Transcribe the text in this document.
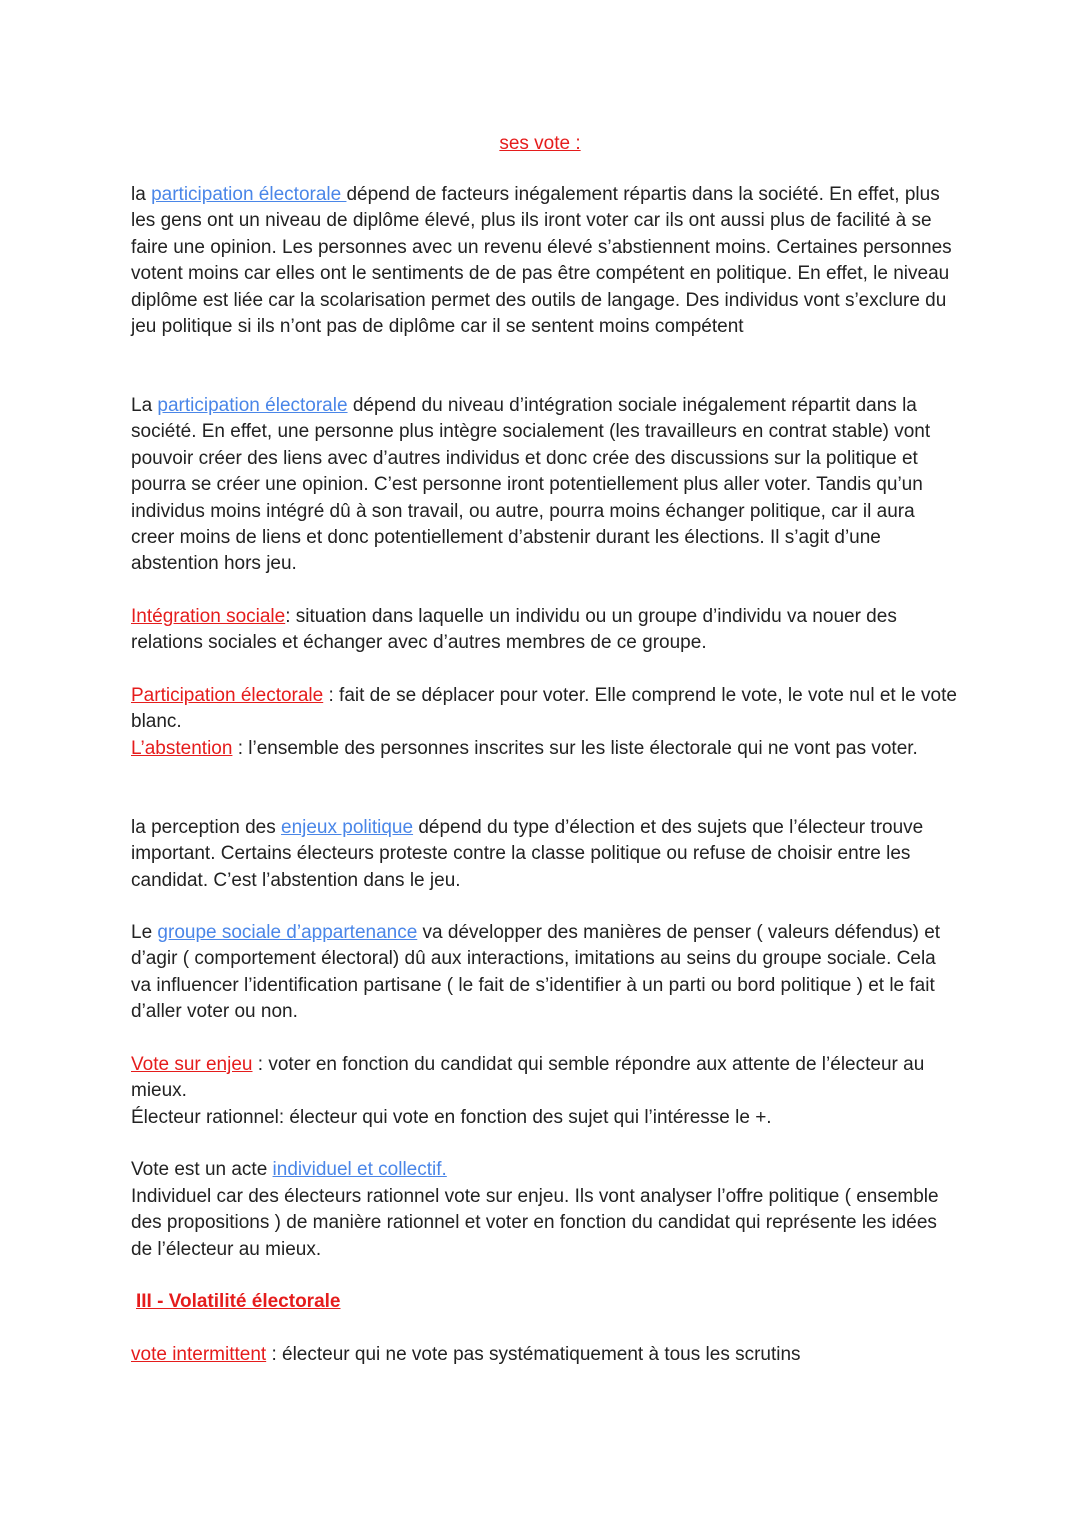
ses vote :
la participation électorale dépend de facteurs inégalement répartis dans la société. En effet, plus les gens ont un niveau de diplôme élevé, plus ils iront voter car ils ont aussi plus de facilité à se faire une opinion. Les personnes avec un revenu élevé s’abstiennent moins. Certaines personnes votent moins car elles ont le sentiments de de pas être compétent en politique. En effet, le niveau diplôme est liée car la scolarisation permet des outils de langage. Des individus vont s’exclure du jeu politique si ils n’ont pas de diplôme car il se sentent moins compétent
La participation électorale dépend du niveau d’intégration sociale inégalement répartit dans la société. En effet, une personne plus intègre socialement (les travailleurs en contrat stable) vont pouvoir créer des liens avec d’autres individus et donc crée des discussions sur la politique et pourra se créer une opinion. C’est personne iront potentiellement plus aller voter. Tandis qu’un individus moins intégré dû à son travail, ou autre, pourra moins échanger politique, car il aura creer moins de liens et donc potentiellement d’abstenir durant les élections. Il s’agit d’une abstention hors jeu.
Intégration sociale: situation dans laquelle un individu ou un groupe d’individu va nouer des relations sociales et échanger avec d’autres membres de ce groupe.
Participation électorale : fait de se déplacer pour voter. Elle comprend le vote, le vote nul et le vote blanc.
L’abstention : l’ensemble des personnes inscrites sur les liste électorale qui ne vont pas voter.
la perception des enjeux politique dépend du type d’élection et des sujets que l’électeur trouve important. Certains électeurs proteste contre la classe politique ou refuse de choisir entre les candidat. C’est l’abstention dans le jeu.
Le groupe sociale d’appartenance va développer des manières de penser ( valeurs défendus) et d’agir ( comportement électoral) dû aux interactions, imitations au seins du groupe sociale. Cela va influencer l’identification partisane ( le fait de s’identifier à un parti ou bord politique ) et le fait d’aller voter ou non.
Vote sur enjeu : voter en fonction du candidat qui semble répondre aux attente de l’électeur au mieux.
Électeur rationnel: électeur qui vote en fonction des sujet qui l’intéresse le +.
Vote est un acte individuel et collectif.
Individuel car des électeurs rationnel vote sur enjeu. Ils vont analyser l’offre politique ( ensemble des propositions ) de manière rationnel et voter en fonction du candidat qui représente les idées de l’électeur au mieux.
III - Volatilité électorale
vote intermittent : électeur qui ne vote pas systématiquement à tous les scrutins
